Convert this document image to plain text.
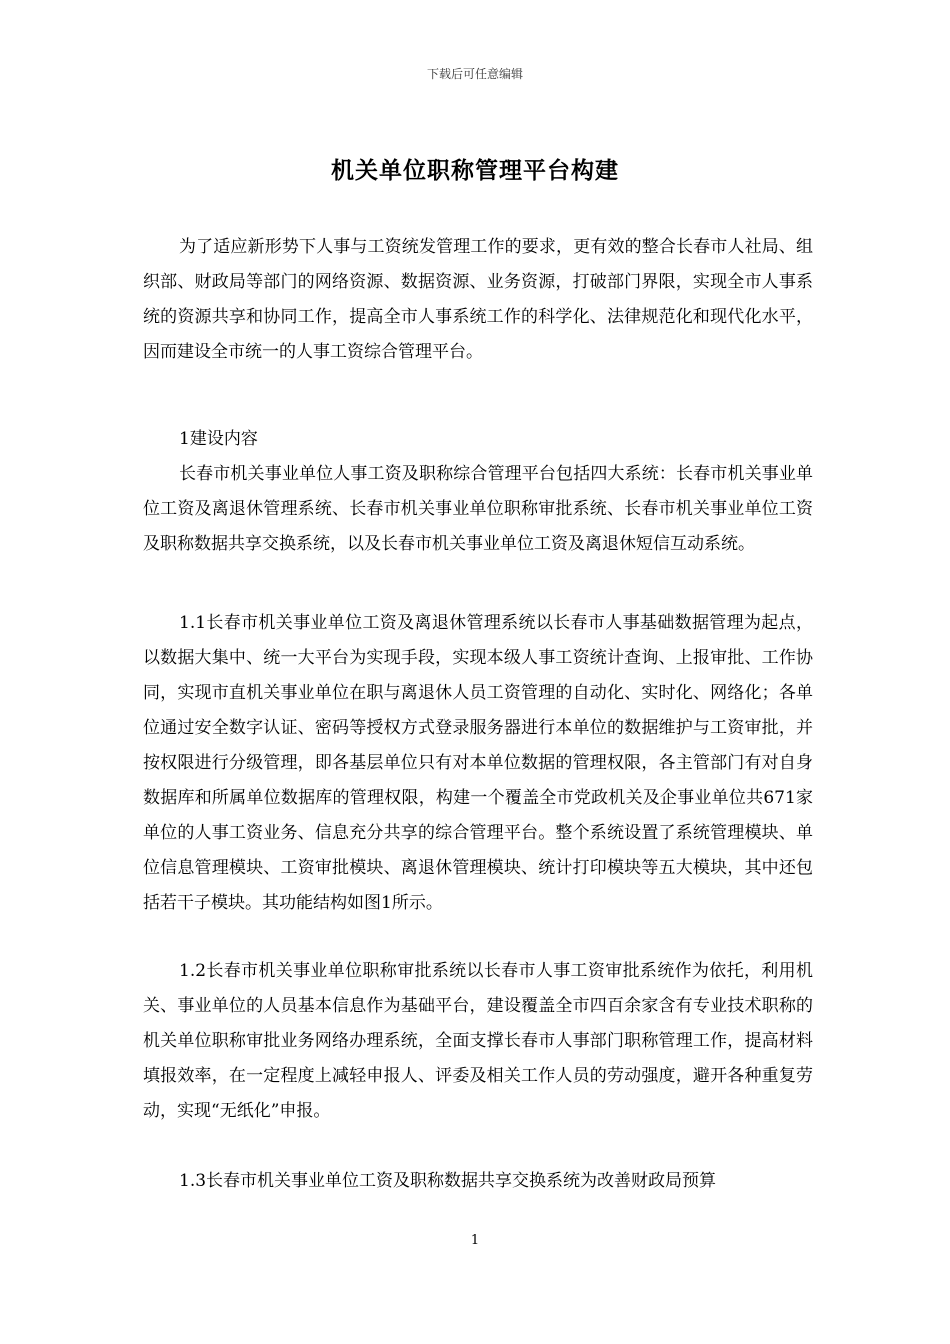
下载后可任意编辑
机关单位职称管理平台构建

为了适应新形势下人事与工资统发管理工作的要求，更有效的整合长春市人社局、组织部、财政局等部门的网络资源、数据资源、业务资源，打破部门界限，实现全市人事系统的资源共享和协同工作，提高全市人事系统工作的科学化、法律规范化和现代化水平，因而建设全市统一的人事工资综合管理平台。

1建设内容

长春市机关事业单位人事工资及职称综合管理平台包括四大系统：长春市机关事业单位工资及离退休管理系统、长春市机关事业单位职称审批系统、长春市机关事业单位工资及职称数据共享交换系统，以及长春市机关事业单位工资及离退休短信互动系统。

1.1长春市机关事业单位工资及离退休管理系统以长春市人事基础数据管理为起点，以数据大集中、统一大平台为实现手段，实现本级人事工资统计查询、上报审批、工作协同，实现市直机关事业单位在职与离退休人员工资管理的自动化、实时化、网络化；各单位通过安全数字认证、密码等授权方式登录服务器进行本单位的数据维护与工资审批，并按权限进行分级管理，即各基层单位只有对本单位数据的管理权限，各主管部门有对自身数据库和所属单位数据库的管理权限，构建一个覆盖全市党政机关及企事业单位共671家单位的人事工资业务、信息充分共享的综合管理平台。整个系统设置了系统管理模块、单位信息管理模块、工资审批模块、离退休管理模块、统计打印模块等五大模块，其中还包括若干子模块。其功能结构如图1所示。

1.2长春市机关事业单位职称审批系统以长春市人事工资审批系统作为依托，利用机关、事业单位的人员基本信息作为基础平台，建设覆盖全市四百余家含有专业技术职称的机关单位职称审批业务网络办理系统，全面支撑长春市人事部门职称管理工作，提高材料填报效率，在一定程度上减轻申报人、评委及相关工作人员的劳动强度，避开各种重复劳动，实现“无纸化”申报。

1.3长春市机关事业单位工资及职称数据共享交换系统为改善财政局预算

1
